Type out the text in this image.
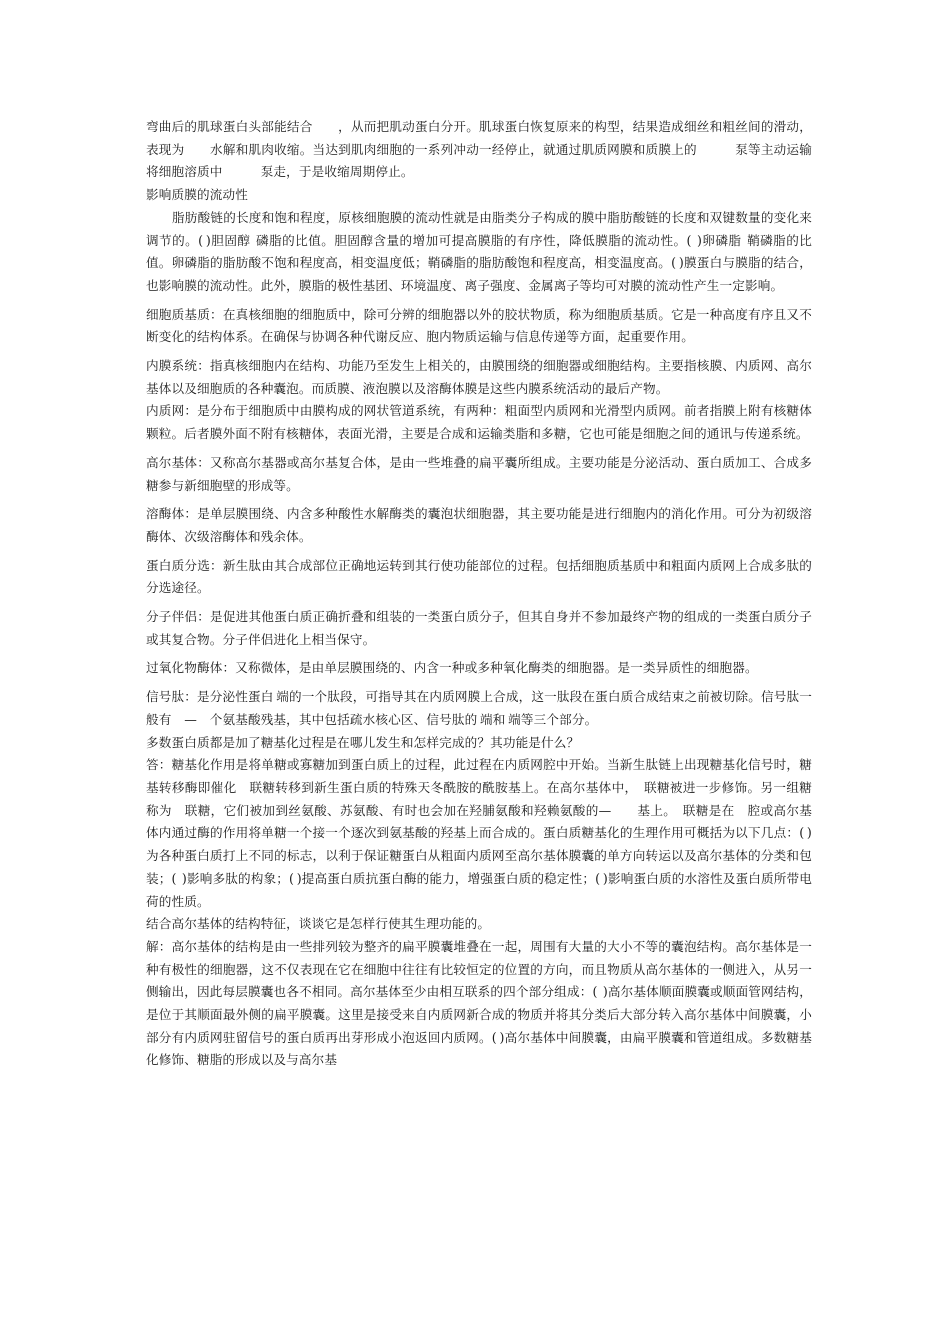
弯曲后的肌球蛋白头部能结合　　，从而把肌动蛋白分开。肌球蛋白恢复原来的构型，结果造成细丝和粗丝间的滑动，表现为　　水解和肌肉收缩。当达到肌肉细胞的一系列冲动一经停止，就通过肌质网膜和质膜上的　　　泵等主动运输将细胞溶质中　　　泵走，于是收缩周期停止。

影响质膜的流动性

脂肪酸链的长度和饱和程度，原核细胞膜的流动性就是由脂类分子构成的膜中脂肪酸链的长度和双键数量的变化来调节的。( )胆固醇  磷脂的比值。胆固醇含量的增加可提高膜脂的有序性，降低膜脂的流动性。(  )卵磷脂  鞘磷脂的比值。卵磷脂的脂肪酸不饱和程度高，相变温度低；鞘磷脂的脂肪酸饱和程度高，相变温度高。( )膜蛋白与膜脂的结合，也影响膜的流动性。此外，膜脂的极性基团、环境温度、离子强度、金属离子等均可对膜的流动性产生一定影响。

细胞质基质：在真核细胞的细胞质中，除可分辨的细胞器以外的胶状物质，称为细胞质基质。它是一种高度有序且又不断变化的结构体系。在确保与协调各种代谢反应、胞内物质运输与信息传递等方面，起重要作用。

内膜系统：指真核细胞内在结构、功能乃至发生上相关的，由膜围绕的细胞器或细胞结构。主要指核膜、内质网、高尔基体以及细胞质的各种囊泡。而质膜、液泡膜以及溶酶体膜是这些内膜系统活动的最后产物。

内质网：是分布于细胞质中由膜构成的网状管道系统，有两种：粗面型内质网和光滑型内质网。前者指膜上附有核糖体颗粒。后者膜外面不附有核糖体，表面光滑，主要是合成和运输类脂和多糖，它也可能是细胞之间的通讯与传递系统。

高尔基体：又称高尔基器或高尔基复合体，是由一些堆叠的扁平囊所组成。主要功能是分泌活动、蛋白质加工、合成多糖参与新细胞壁的形成等。

溶酶体：是单层膜围绕、内含多种酸性水解酶类的囊泡状细胞器，其主要功能是进行细胞内的消化作用。可分为初级溶酶体、次级溶酶体和残余体。

蛋白质分选：新生肽由其合成部位正确地运转到其行使功能部位的过程。包括细胞质基质中和粗面内质网上合成多肽的分选途径。

分子伴侣：是促进其他蛋白质正确折叠和组装的一类蛋白质分子，但其自身并不参加最终产物的组成的一类蛋白质分子或其复合物。分子伴侣进化上相当保守。

过氧化物酶体：又称微体，是由单层膜围绕的、内含一种或多种氧化酶类的细胞器。是一类异质性的细胞器。

信号肽：是分泌性蛋白 端的一个肽段，可指导其在内质网膜上合成，这一肽段在蛋白质合成结束之前被切除。信号肽一般有　—　个氨基酸残基，其中包括疏水核心区、信号肽的 端和 端等三个部分。

多数蛋白质都是加了糖基化过程是在哪儿发生和怎样完成的？其功能是什么？

答：糖基化作用是将单糖或寡糖加到蛋白质上的过程，此过程在内质网腔中开始。当新生肽链上出现糖基化信号时，糖基转移酶即催化　联糖转移到新生蛋白质的特殊天冬酰胺的酰胺基上。在高尔基体中，　联糖被进一步修饰。另一组糖称为　联糖，它们被加到丝氨酸、苏氨酸、有时也会加在羟脯氨酸和羟赖氨酸的—　　基上。　联糖是在　腔或高尔基体内通过酶的作用将单糖一个接一个逐次到氨基酸的羟基上而合成的。蛋白质糖基化的生理作用可概括为以下几点：( )为各种蛋白质打上不同的标志，以利于保证糖蛋白从粗面内质网至高尔基体膜囊的单方向转运以及高尔基体的分类和包装；(  )影响多肽的构象；( )提高蛋白质抗蛋白酶的能力，增强蛋白质的稳定性；( )影响蛋白质的水溶性及蛋白质所带电荷的性质。

结合高尔基体的结构特征，谈谈它是怎样行使其生理功能的。

解：高尔基体的结构是由一些排列较为整齐的扁平膜囊堆叠在一起，周围有大量的大小不等的囊泡结构。高尔基体是一种有极性的细胞器，这不仅表现在它在细胞中往往有比较恒定的位置的方向，而且物质从高尔基体的一侧进入，从另一侧输出，因此每层膜囊也各不相同。高尔基体至少由相互联系的四个部分组成：(  )高尔基体顺面膜囊或顺面管网结构，是位于其顺面最外侧的扁平膜囊。这里是接受来自内质网新合成的物质并将其分类后大部分转入高尔基体中间膜囊，小部分有内质网驻留信号的蛋白质再出芽形成小泡返回内质网。( )高尔基体中间膜囊，由扁平膜囊和管道组成。多数糖基化修饰、糖脂的形成以及与高尔基
